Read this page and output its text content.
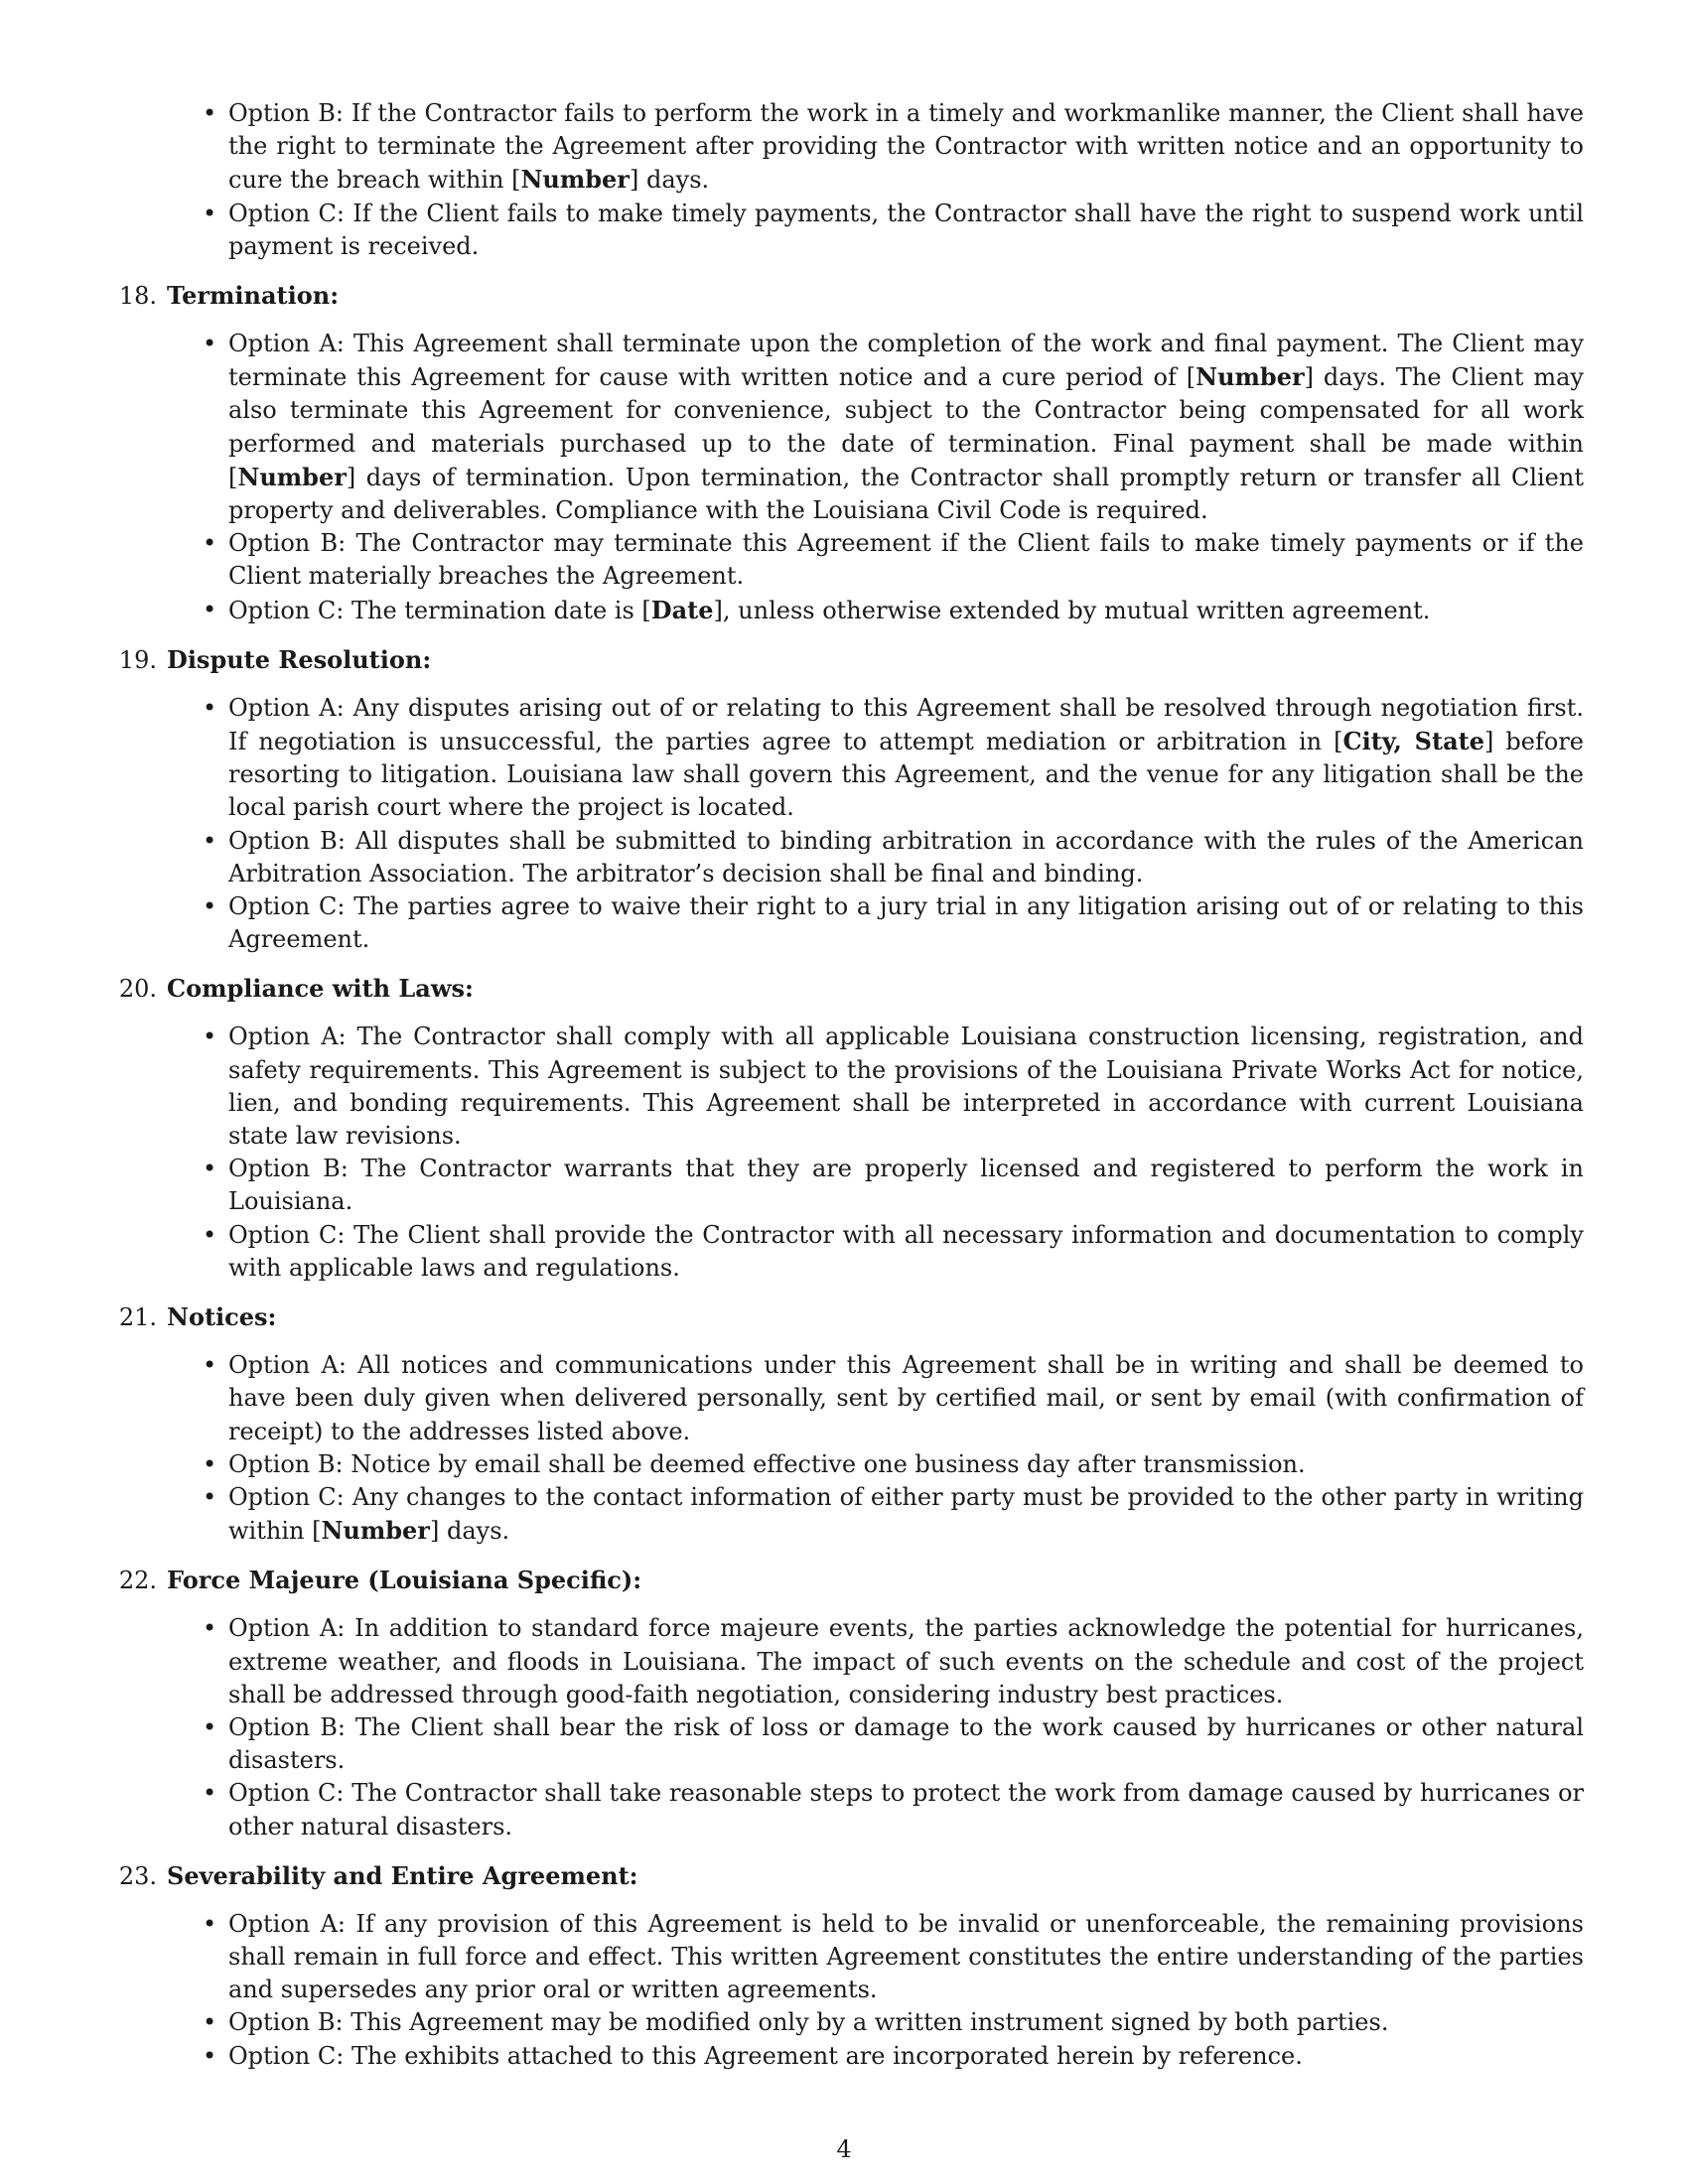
• Option B: If the Contractor fails to perform the work in a timely and workmanlike manner, the Client shall have the right to terminate the Agreement after providing the Contractor with written notice and an opportunity to cure the breach within [Number] days.
• Option C: If the Client fails to make timely payments, the Contractor shall have the right to suspend work until payment is received.
18. Termination:
• Option A: This Agreement shall terminate upon the completion of the work and final payment. The Client may terminate this Agreement for cause with written notice and a cure period of [Number] days. The Client may also terminate this Agreement for convenience, subject to the Contractor being compensated for all work performed and materials purchased up to the date of termination. Final payment shall be made within [Number] days of termination. Upon termination, the Contractor shall promptly return or transfer all Client property and deliverables. Compliance with the Louisiana Civil Code is required.
• Option B: The Contractor may terminate this Agreement if the Client fails to make timely payments or if the Client materially breaches the Agreement.
• Option C: The termination date is [Date], unless otherwise extended by mutual written agreement.
19. Dispute Resolution:
• Option A: Any disputes arising out of or relating to this Agreement shall be resolved through negotiation first. If negotiation is unsuccessful, the parties agree to attempt mediation or arbitration in [City, State] before resorting to litigation. Louisiana law shall govern this Agreement, and the venue for any litigation shall be the local parish court where the project is located.
• Option B: All disputes shall be submitted to binding arbitration in accordance with the rules of the American Arbitration Association. The arbitrator’s decision shall be final and binding.
• Option C: The parties agree to waive their right to a jury trial in any litigation arising out of or relating to this Agreement.
20. Compliance with Laws:
• Option A: The Contractor shall comply with all applicable Louisiana construction licensing, registration, and safety requirements. This Agreement is subject to the provisions of the Louisiana Private Works Act for notice, lien, and bonding requirements. This Agreement shall be interpreted in accordance with current Louisiana state law revisions.
• Option B: The Contractor warrants that they are properly licensed and registered to perform the work in Louisiana.
• Option C: The Client shall provide the Contractor with all necessary information and documentation to comply with applicable laws and regulations.
21. Notices:
• Option A: All notices and communications under this Agreement shall be in writing and shall be deemed to have been duly given when delivered personally, sent by certified mail, or sent by email (with confirmation of receipt) to the addresses listed above.
• Option B: Notice by email shall be deemed effective one business day after transmission.
• Option C: Any changes to the contact information of either party must be provided to the other party in writing within [Number] days.
22. Force Majeure (Louisiana Specific):
• Option A: In addition to standard force majeure events, the parties acknowledge the potential for hurricanes, extreme weather, and floods in Louisiana. The impact of such events on the schedule and cost of the project shall be addressed through good-faith negotiation, considering industry best practices.
• Option B: The Client shall bear the risk of loss or damage to the work caused by hurricanes or other natural disasters.
• Option C: The Contractor shall take reasonable steps to protect the work from damage caused by hurricanes or other natural disasters.
23. Severability and Entire Agreement:
• Option A: If any provision of this Agreement is held to be invalid or unenforceable, the remaining provisions shall remain in full force and effect. This written Agreement constitutes the entire understanding of the parties and supersedes any prior oral or written agreements.
• Option B: This Agreement may be modified only by a written instrument signed by both parties.
• Option C: The exhibits attached to this Agreement are incorporated herein by reference.
4
